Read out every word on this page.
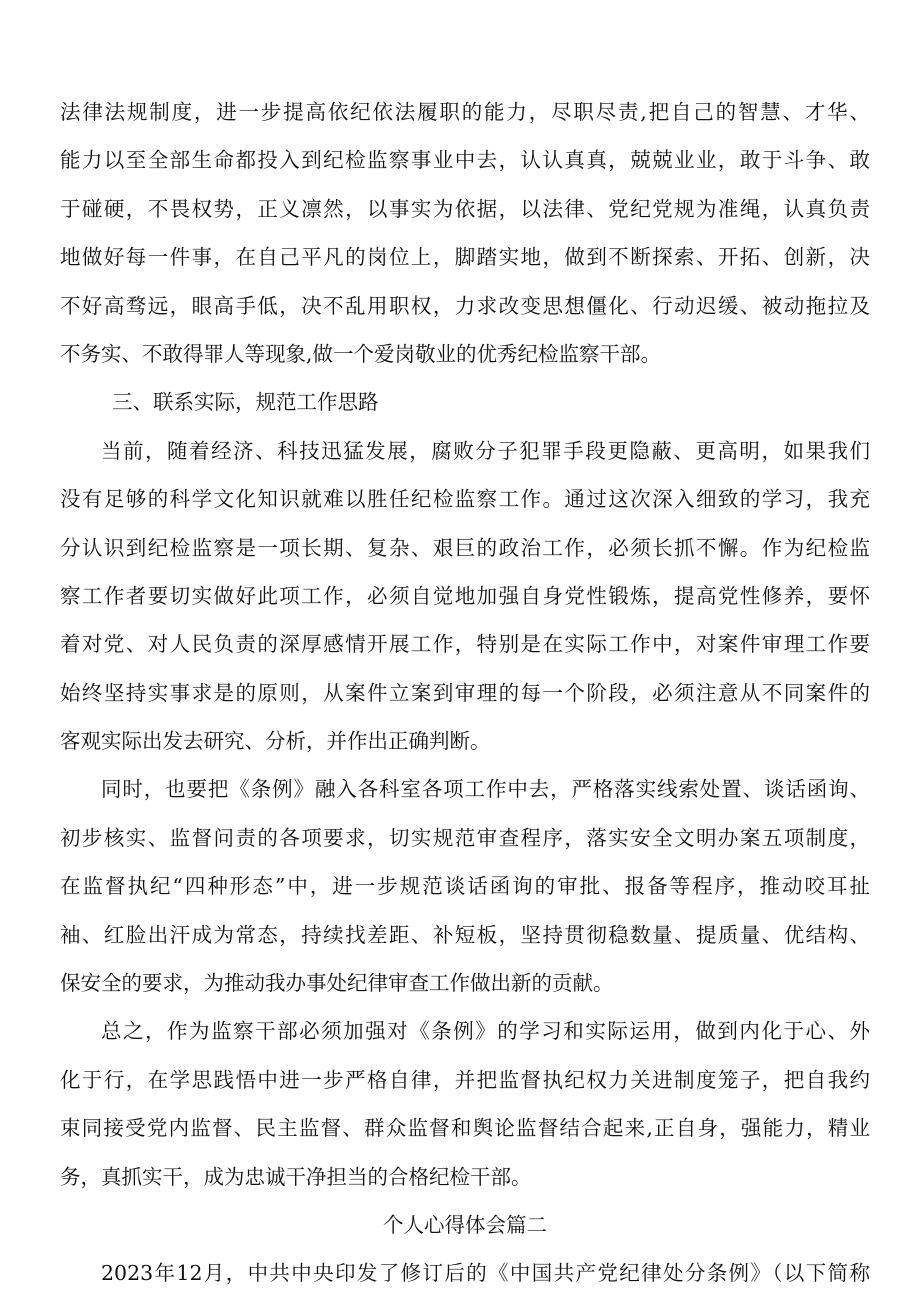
法律法规制度，进一步提高依纪依法履职的能力，尽职尽责,把自己的智慧、才华、
能力以至全部生命都投入到纪检监察事业中去，认认真真，兢兢业业，敢于斗争、敢
于碰硬，不畏权势，正义凛然，以事实为依据，以法律、党纪党规为准绳，认真负责
地做好每一件事，在自己平凡的岗位上，脚踏实地，做到不断探索、开拓、创新，决
不好高骛远，眼高手低，决不乱用职权，力求改变思想僵化、行动迟缓、被动拖拉及
不务实、不敢得罪人等现象,做一个爱岗敬业的优秀纪检监察干部。
三、联系实际，规范工作思路
当前，随着经济、科技迅猛发展，腐败分子犯罪手段更隐蔽、更高明，如果我们
没有足够的科学文化知识就难以胜任纪检监察工作。通过这次深入细致的学习，我充
分认识到纪检监察是一项长期、复杂、艰巨的政治工作，必须长抓不懈。作为纪检监
察工作者要切实做好此项工作，必须自觉地加强自身党性锻炼，提高党性修养，要怀
着对党、对人民负责的深厚感情开展工作，特别是在实际工作中，对案件审理工作要
始终坚持实事求是的原则，从案件立案到审理的每一个阶段，必须注意从不同案件的
客观实际出发去研究、分析，并作出正确判断。
同时，也要把《条例》融入各科室各项工作中去，严格落实线索处置、谈话函询、
初步核实、监督问责的各项要求，切实规范审查程序，落实安全文明办案五项制度，
在监督执纪“四种形态”中，进一步规范谈话函询的审批、报备等程序，推动咬耳扯
袖、红脸出汗成为常态，持续找差距、补短板，坚持贯彻稳数量、提质量、优结构、
保安全的要求，为推动我办事处纪律审查工作做出新的贡献。
总之，作为监察干部必须加强对《条例》的学习和实际运用，做到内化于心、外
化于行，在学思践悟中进一步严格自律，并把监督执纪权力关进制度笼子，把自我约
束同接受党内监督、民主监督、群众监督和舆论监督结合起来,正自身，强能力，精业
务，真抓实干，成为忠诚干净担当的合格纪检干部。
个人心得体会篇二
2023年12月，中共中央印发了修订后的《中国共产党纪律处分条例》（以下简称
